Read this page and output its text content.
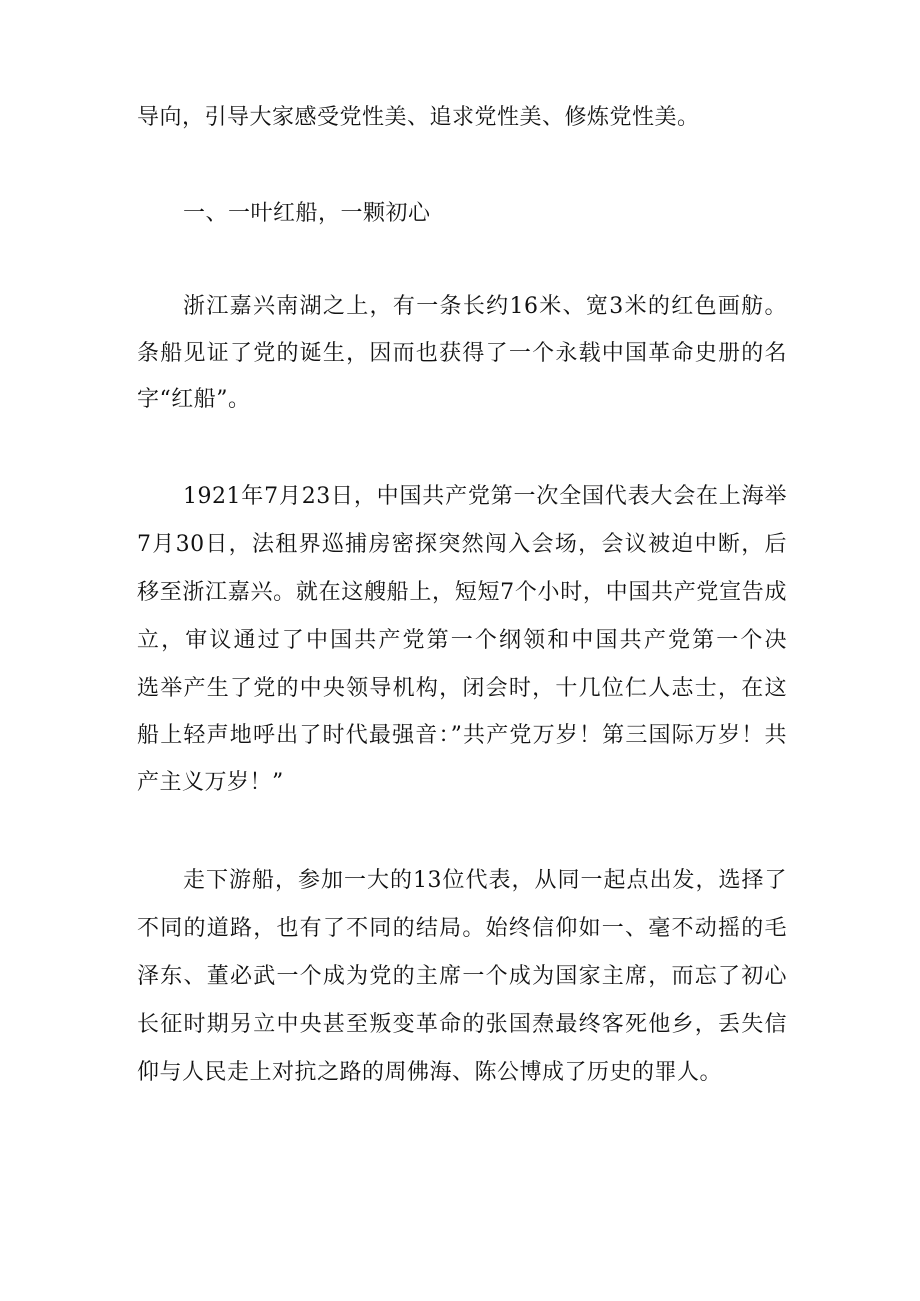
导向，引导大家感受党性美、追求党性美、修炼党性美。
一、一叶红船，一颗初心
浙江嘉兴南湖之上，有一条长约16米、宽3米的红色画舫。
条船见证了党的诞生，因而也获得了一个永载中国革命史册的名
字“红船”。
1921年7月23日，中国共产党第一次全国代表大会在上海举
7月30日，法租界巡捕房密探突然闯入会场，会议被迫中断，后
移至浙江嘉兴。就在这艘船上，短短7个小时，中国共产党宣告成
立，审议通过了中国共产党第一个纲领和中国共产党第一个决
选举产生了党的中央领导机构，闭会时，十几位仁人志士，在这
船上轻声地呼出了时代最强音：”共产党万岁！第三国际万岁！共
产主义万岁！”
走下游船，参加一大的13位代表，从同一起点出发，选择了
不同的道路，也有了不同的结局。始终信仰如一、毫不动摇的毛
泽东、董必武一个成为党的主席一个成为国家主席，而忘了初心
长征时期另立中央甚至叛变革命的张国焘最终客死他乡，丢失信
仰与人民走上对抗之路的周佛海、陈公博成了历史的罪人。
